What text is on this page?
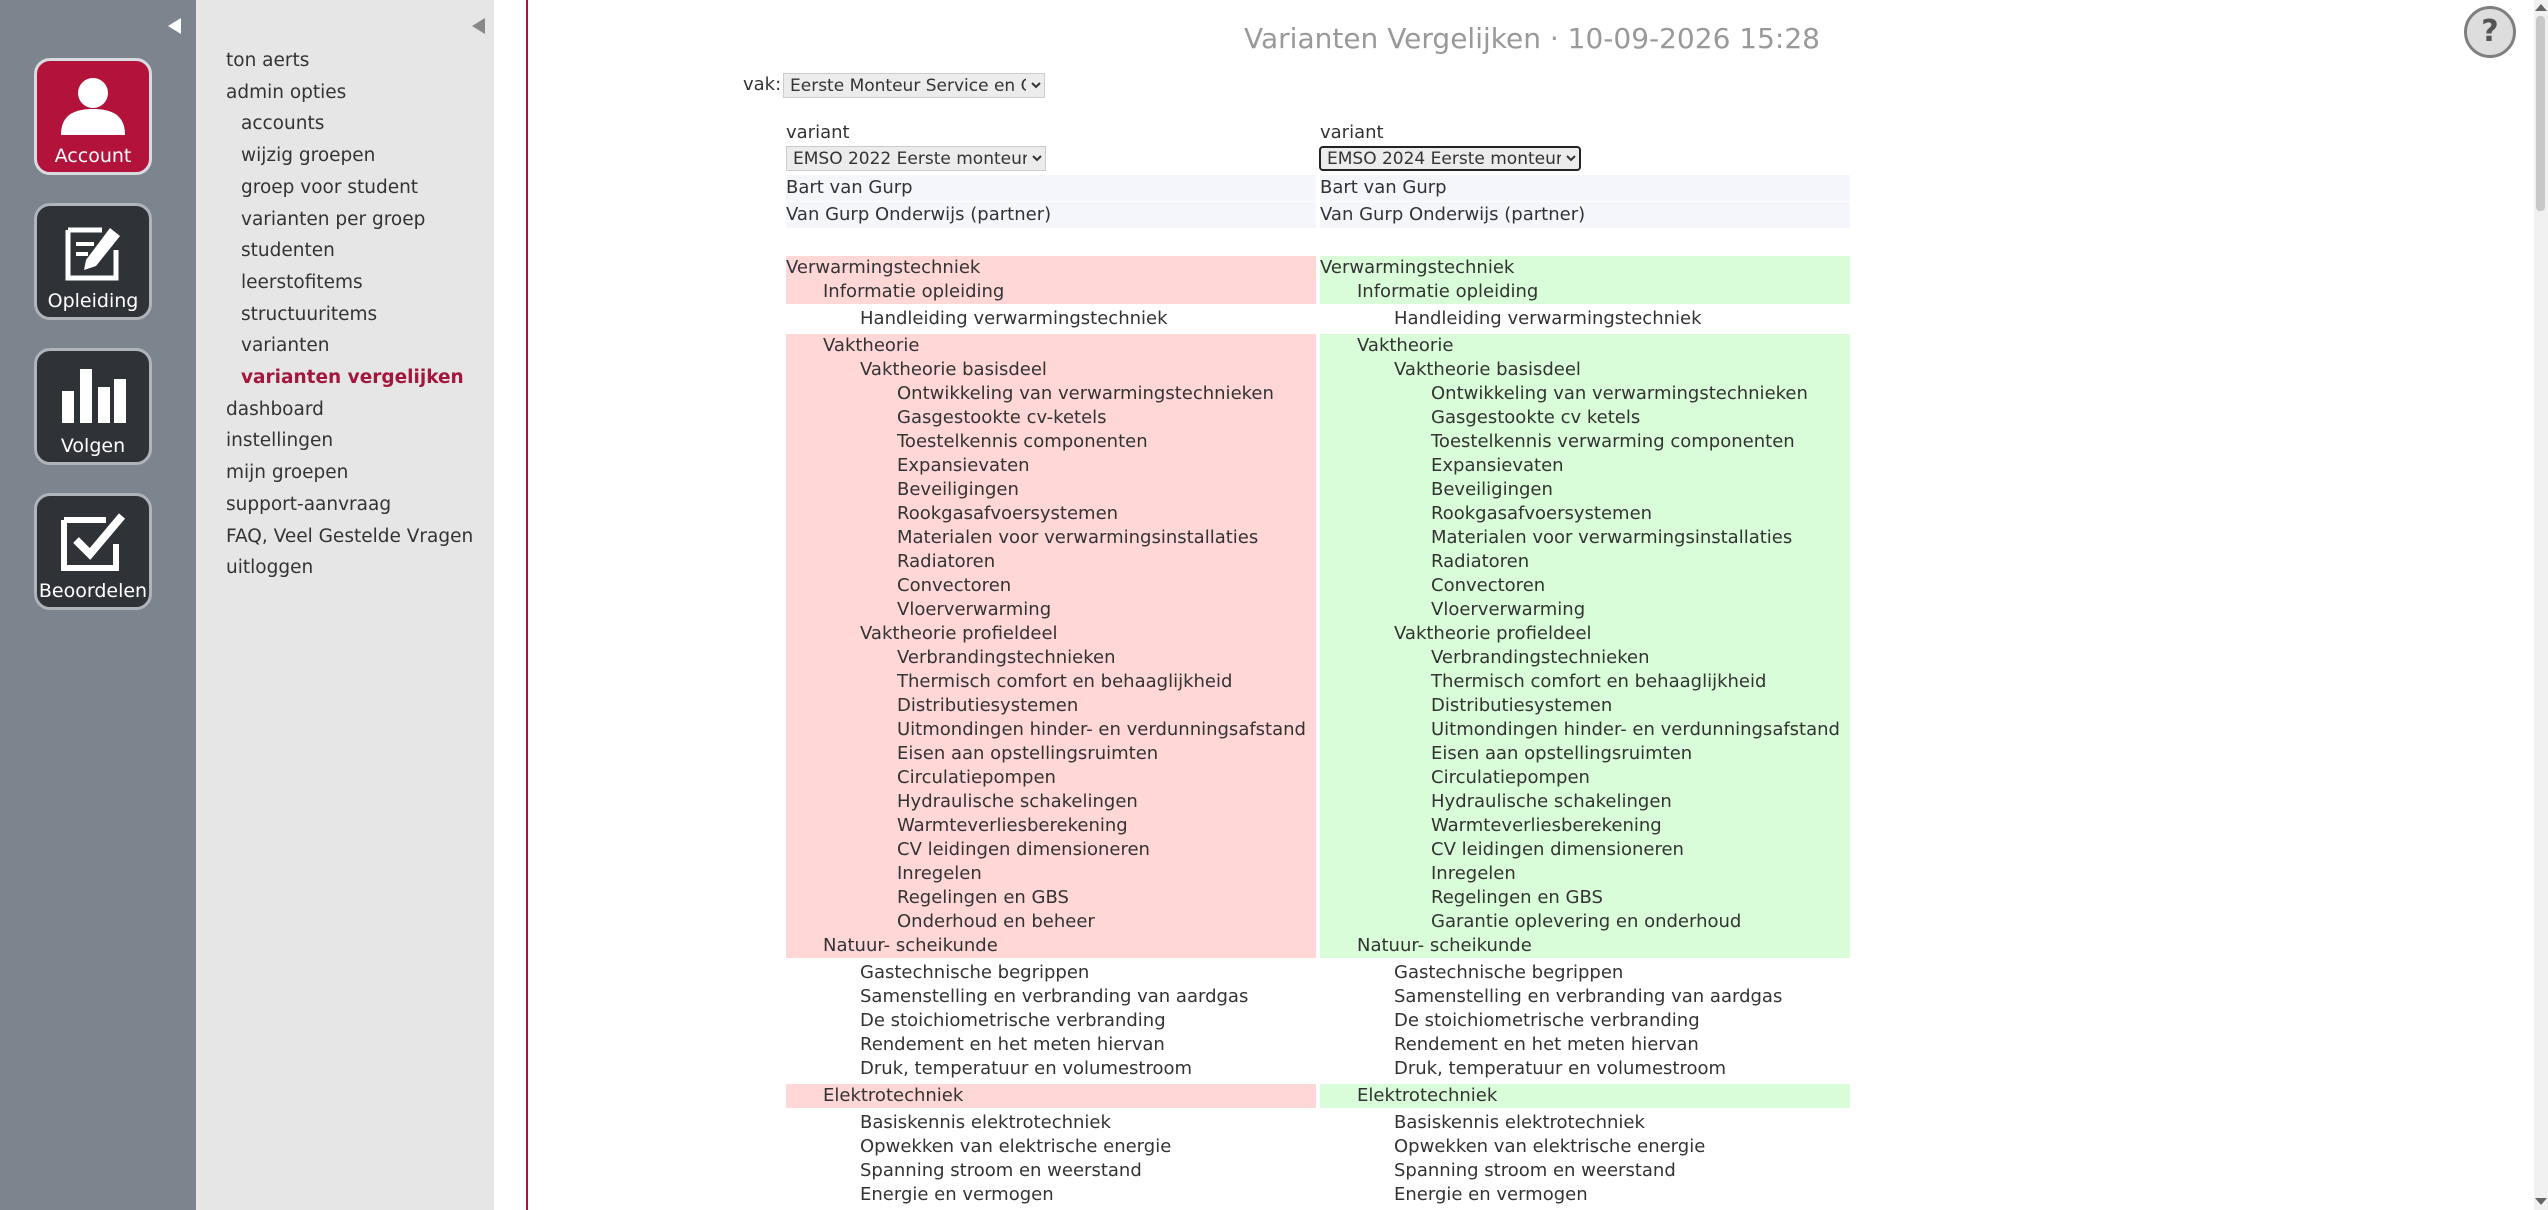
Account
Opleiding
Volgen
Beoordelen
ton aerts
admin opties
accounts
wijzig groepen
groep voor student
varianten per groep
studenten
leerstofitems
structuuritems
varianten
varianten vergelijken
dashboard
instellingen
mijn groepen
support-aanvraag
FAQ, Veel Gestelde Vragen
uitloggen
Varianten Vergelijken · 10-09-2026 15:28
vak:
Eerste Monteur Service en Onderhoud
variant	variant
EMSO 2022 Eerste monteur
EMSO 2024 Eerste monteur
Bart van Gurp	Bart van Gurp
Van Gurp Onderwijs (partner)	Van Gurp Onderwijs (partner)
Verwarmingstechniek	Verwarmingstechniek
Informatie opleiding	Informatie opleiding
Handleiding verwarmingstechniek	Handleiding verwarmingstechniek
Vaktheorie	Vaktheorie
Vaktheorie basisdeel	Vaktheorie basisdeel
Ontwikkeling van verwarmingstechnieken	Ontwikkeling van verwarmingstechnieken
Gasgestookte cv-ketels	Gasgestookte cv ketels
Toestelkennis componenten	Toestelkennis verwarming componenten
Expansievaten	Expansievaten
Beveiligingen	Beveiligingen
Rookgasafvoersystemen	Rookgasafvoersystemen
Materialen voor verwarmingsinstallaties	Materialen voor verwarmingsinstallaties
Radiatoren	Radiatoren
Convectoren	Convectoren
Vloerverwarming	Vloerverwarming
Vaktheorie profieldeel	Vaktheorie profieldeel
Verbrandingstechnieken	Verbrandingstechnieken
Thermisch comfort en behaaglijkheid	Thermisch comfort en behaaglijkheid
Distributiesystemen	Distributiesystemen
Uitmondingen hinder- en verdunningsafstand	Uitmondingen hinder- en verdunningsafstand
Eisen aan opstellingsruimten	Eisen aan opstellingsruimten
Circulatiepompen	Circulatiepompen
Hydraulische schakelingen	Hydraulische schakelingen
Warmteverliesberekening	Warmteverliesberekening
CV leidingen dimensioneren	CV leidingen dimensioneren
Inregelen	Inregelen
Regelingen en GBS	Regelingen en GBS
Onderhoud en beheer	Garantie oplevering en onderhoud
Natuur- scheikunde	Natuur- scheikunde
Gastechnische begrippen	Gastechnische begrippen
Samenstelling en verbranding van aardgas	Samenstelling en verbranding van aardgas
De stoichiometrische verbranding	De stoichiometrische verbranding
Rendement en het meten hiervan	Rendement en het meten hiervan
Druk, temperatuur en volumestroom	Druk, temperatuur en volumestroom
Elektrotechniek	Elektrotechniek
Basiskennis elektrotechniek	Basiskennis elektrotechniek
Opwekken van elektrische energie	Opwekken van elektrische energie
Spanning stroom en weerstand	Spanning stroom en weerstand
Energie en vermogen	Energie en vermogen
?
